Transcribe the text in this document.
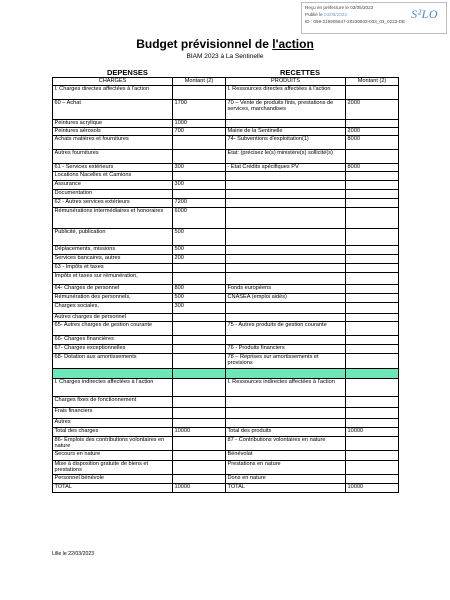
Reçu en préfecture le 03/05/2023
Publié le 03/05/2023
ID : 059-215905647-20230503-033_03_0223-DE
S²LO
Budget prévisionnel de l'action
BIAM 2023 à La Sentinelle
DEPENSES	RECETTES
CHARGES	Montant (2)	PRODUITS	Montant (2)
I. Charges directes affectées à l'action		I. Ressources directes affectées à l'action	
60 – Achat	1700	70 – Vente de produits finis, prestations de services, marchandises	2000
Peintures acrylique	1000		
Peintures aérosols	700	Mairie de la Sentinelle	2000
Achats matières et fournitures		74- Subventions d'exploitation(1)	8000
Autres fournitures		Etat: (précisez le(s) ministère(s) sollicité(s)	
61 - Services extérieurs	300	- Etat Crédits spécifiques PV	8000
Locations Nacelles et Camions			
Assurance	300		
Documentation			
62 - Autres services extérieurs	7200		
Rémunérations intermédiaires et honoraires	6000		
Publicité, publication	500		
Déplacements, missions	500		
Services bancaires, autres	200		
63 - Impôts et taxes			
Impôts et taxes sur rémunération,			
64- Charges de personnel	800	Fonds européens	
Rémunération des personnels,	500	CNASEA (emploi aidés)	
Charges sociales,	300		
Autres charges de personnel			
65- Autres charges de gestion courante		75 - Autres produits de gestion courante	
66- Charges financières			
67- Charges exceptionnelles		76 - Produits financiers	
68- Dotation aux amortissements		78 – Reprises sur amortissements et provisions	

I. Charges indirectes affectées à l'action		I. Ressources indirectes affectées à l'action	
Charges fixes de fonctionnement			
Frais financiers			
Autres			
Total des charges	10000	Total des produits	10000
86- Emplois des contributions volontaires en nature		87 - Contributions volontaires en nature	
Secours en nature		Bénévolat	
Mise à disposition gratuite de biens et prestations		Prestations en nature	
Personnel bénévole		Dons en nature	
TOTAL	10000	TOTAL	10000
Lille le 22/03/2023
